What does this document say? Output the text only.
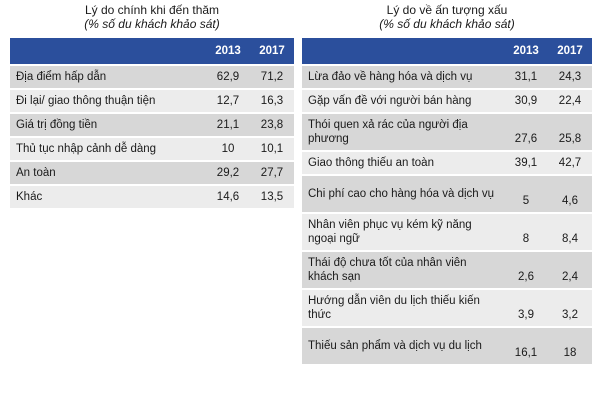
Lý do chính khi đến thăm
(% số du khách khảo sát)
	2013	2017
Địa điểm hấp dẫn	62,9	71,2
Đi lại/ giao thông thuận tiện	12,7	16,3
Giá trị đồng tiền	21,1	23,8
Thủ tục nhập cảnh dễ dàng	10	10,1
An toàn	29,2	27,7
Khác	14,6	13,5
Lý do về ấn tượng xấu
(% số du khách khảo sát)
	2013	2017
Lừa đảo về hàng hóa và dịch vụ	31,1	24,3
Gặp vấn đề với người bán hàng	30,9	22,4
Thói quen xả rác của người địa phương	27,6	25,8
Giao thông thiếu an toàn	39,1	42,7
Chi phí cao cho hàng hóa và dịch vụ	5	4,6
Nhân viên phục vụ kém kỹ năng ngoại ngữ	8	8,4
Thái độ chưa tốt của nhân viên khách sạn	2,6	2,4
Hướng dẫn viên du lịch thiếu kiến thức	3,9	3,2
Thiếu sản phẩm và dịch vụ du lịch	16,1	18
